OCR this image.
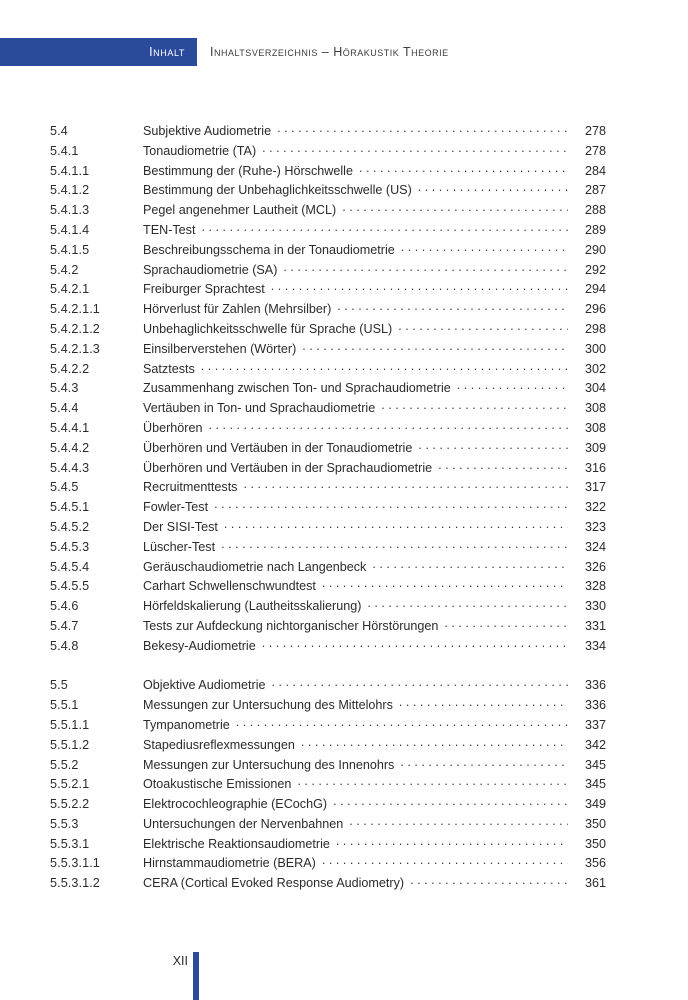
Inhalt Inhaltsverzeichnis – Hörakustik Theorie
5.4	Subjektive Audiometrie . . .	278
5.4.1	Tonaudiometrie (TA) . . .	278
5.4.1.1	Bestimmung der (Ruhe-) Hörschwelle . . .	284
5.4.1.2	Bestimmung der Unbehaglichkeitsschwelle (US) . . .	287
5.4.1.3	Pegel angenehmer Lautheit (MCL) . . .	288
5.4.1.4	TEN-Test . . .	289
5.4.1.5	Beschreibungsschema in der Tonaudiometrie . . .	290
5.4.2	Sprachaudiometrie (SA) . . .	292
5.4.2.1	Freiburger Sprachtest . . .	294
5.4.2.1.1	Hörverlust für Zahlen (Mehrsilber) . . .	296
5.4.2.1.2	Unbehaglichkeitsschwelle für Sprache (USL) . . .	298
5.4.2.1.3	Einsilberverstehen (Wörter) . . .	300
5.4.2.2	Satztests . . .	302
5.4.3	Zusammenhang zwischen Ton- und Sprachaudiometrie . . .	304
5.4.4	Vertäuben in Ton- und Sprachaudiometrie . . .	308
5.4.4.1	Überhören . . .	308
5.4.4.2	Überhören und Vertäuben in der Tonaudiometrie . . .	309
5.4.4.3	Überhören und Vertäuben in der Sprachaudiometrie . . .	316
5.4.5	Recruitmenttests . . .	317
5.4.5.1	Fowler-Test . . .	322
5.4.5.2	Der SISI-Test . . .	323
5.4.5.3	Lüscher-Test . . .	324
5.4.5.4	Geräuschaudiometrie nach Langenbeck . . .	326
5.4.5.5	Carhart Schwellenschwundtest . . .	328
5.4.6	Hörfeldskalierung (Lautheitsskalierung) . . .	330
5.4.7	Tests zur Aufdeckung nichtorganischer Hörstörungen . . .	331
5.4.8	Bekesy-Audiometrie . . .	334
5.5	Objektive Audiometrie . . .	336
5.5.1	Messungen zur Untersuchung des Mittelohrs . . .	336
5.5.1.1	Tympanometrie . . .	337
5.5.1.2	Stapediusreflexmessungen . . .	342
5.5.2	Messungen zur Untersuchung des Innenohrs . . .	345
5.5.2.1	Otoakustische Emissionen . . .	345
5.5.2.2	Elektrocochleographie (ECochG) . . .	349
5.5.3	Untersuchungen der Nervenbahnen . . .	350
5.5.3.1	Elektrische Reaktionsaudiometrie . . .	350
5.5.3.1.1	Hirnstammaudiometrie (BERA) . . .	356
5.5.3.1.2	CERA (Cortical Evoked Response Audiometry) . . .	361
XII
